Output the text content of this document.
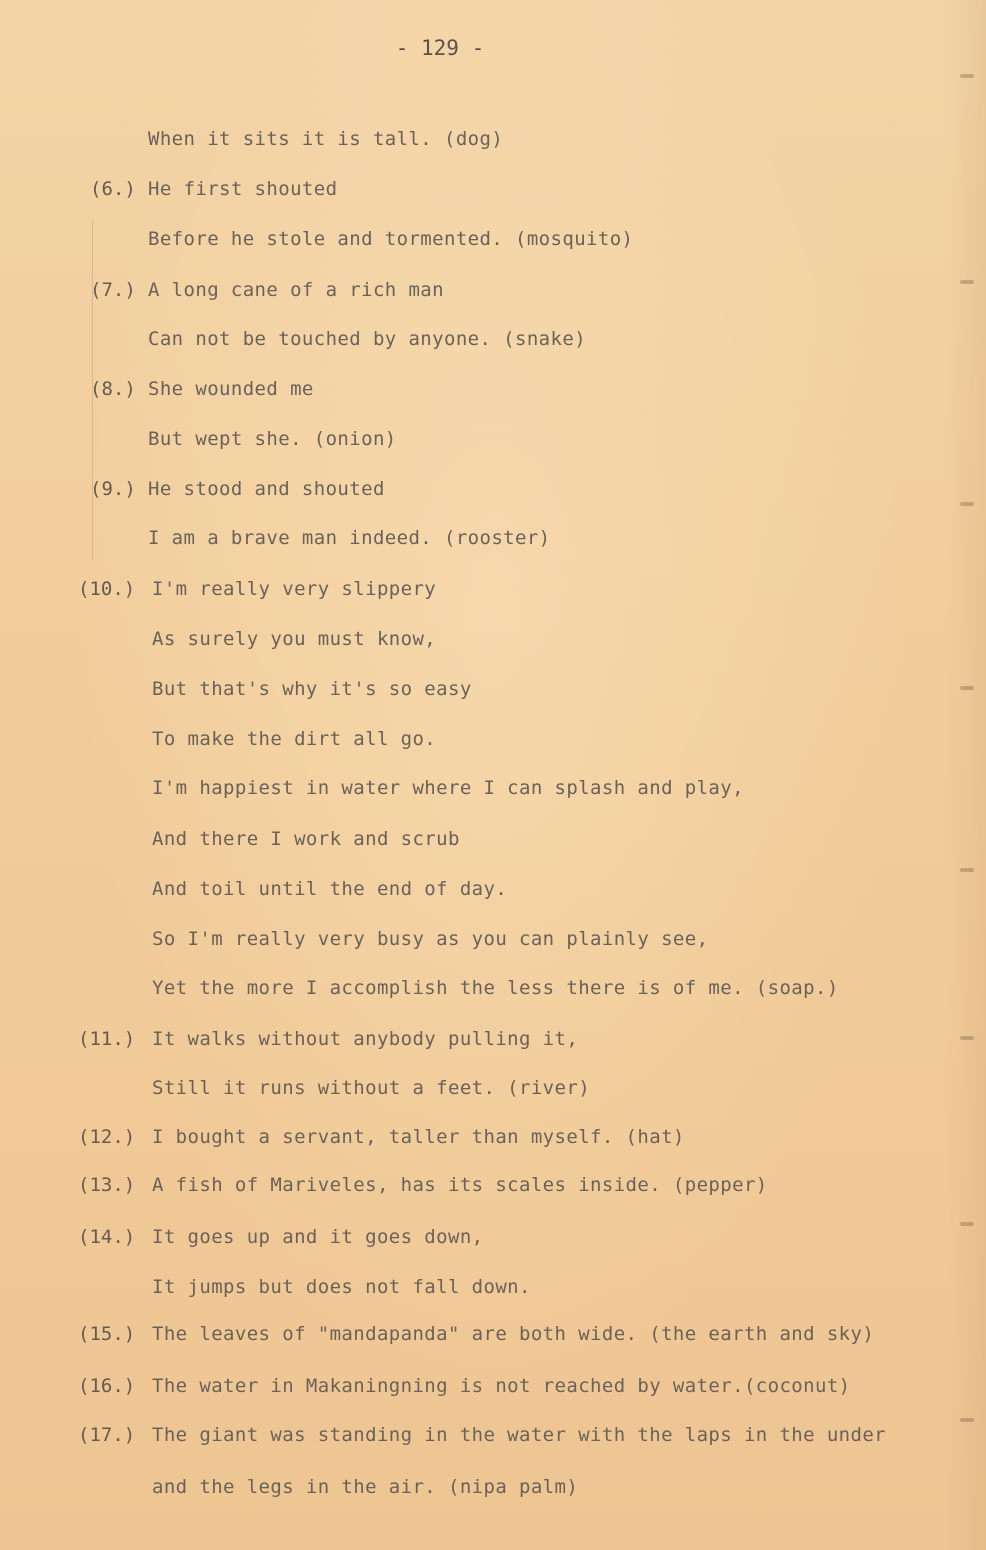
- 129 -
When it sits it is tall. (dog)
(6.) He first shouted
Before he stole and tormented. (mosquito)
(7.) A long cane of a rich man
Can not be touched by anyone. (snake)
(8.) She wounded me
But wept she. (onion)
(9.) He stood and shouted
I am a brave man indeed. (rooster)
(10.) I'm really very slippery
As surely you must know,
But that's why it's so easy
To make the dirt all go.
I'm happiest in water where I can splash and play,
And there I work and scrub
And toil until the end of day.
So I'm really very busy as you can plainly see,
Yet the more I accomplish the less there is of me. (soap.)
(11.) It walks without anybody pulling it,
Still it runs without a feet. (river)
(12.) I bought a servant, taller than myself. (hat)
(13.) A fish of Mariveles, has its scales inside. (pepper)
(14.) It goes up and it goes down,
It jumps but does not fall down.
(15.) The leaves of "mandapanda" are both wide. (the earth and sky)
(16.) The water in Makaningning is not reached by water.(coconut)
(17.) The giant was standing in the water with the laps in the under
and the legs in the air. (nipa palm)
